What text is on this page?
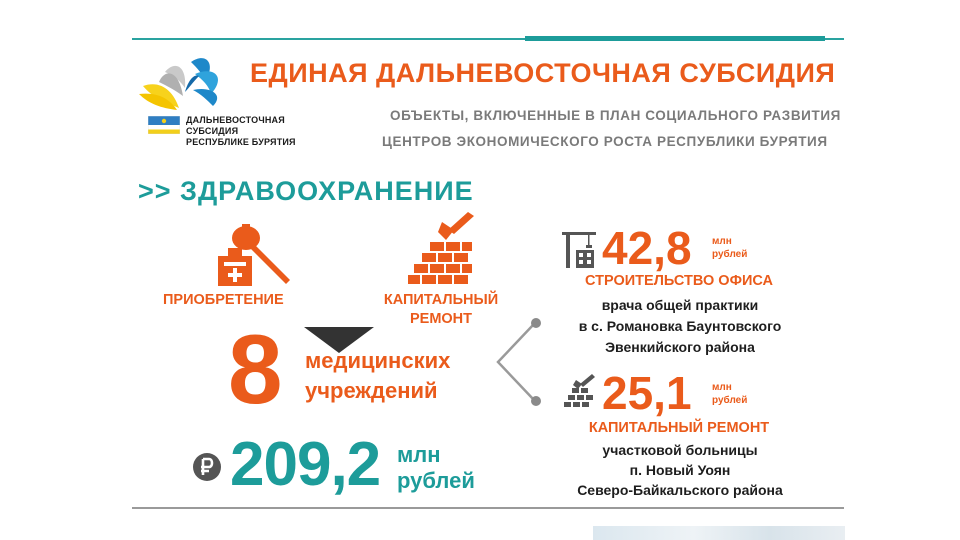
ДАЛЬНЕВОСТОЧНАЯ
СУБСИДИЯ
РЕСПУБЛИКЕ БУРЯТИЯ
ЕДИНАЯ ДАЛЬНЕВОСТОЧНАЯ СУБСИДИЯ
ОБЪЕКТЫ, ВКЛЮЧЕННЫЕ В ПЛАН СОЦИАЛЬНОГО РАЗВИТИЯ
ЦЕНТРОВ ЭКОНОМИЧЕСКОГО РОСТА РЕСПУБЛИКИ БУРЯТИЯ
>> ЗДРАВООХРАНЕНИЕ
ПРИОБРЕТЕНИЕ	КАПИТАЛЬНЫЙ
РЕМОНТ
8 медицинских
учреждений
209,2 млн
рублей
42,8 млн
рублей
СТРОИТЕЛЬСТВО ОФИСА
врача общей практики
в с. Романовка Баунтовского
Эвенкийского района
25,1 млн
рублей
КАПИТАЛЬНЫЙ РЕМОНТ
участковой больницы
п. Новый Уоян
Северо-Байкальского района
